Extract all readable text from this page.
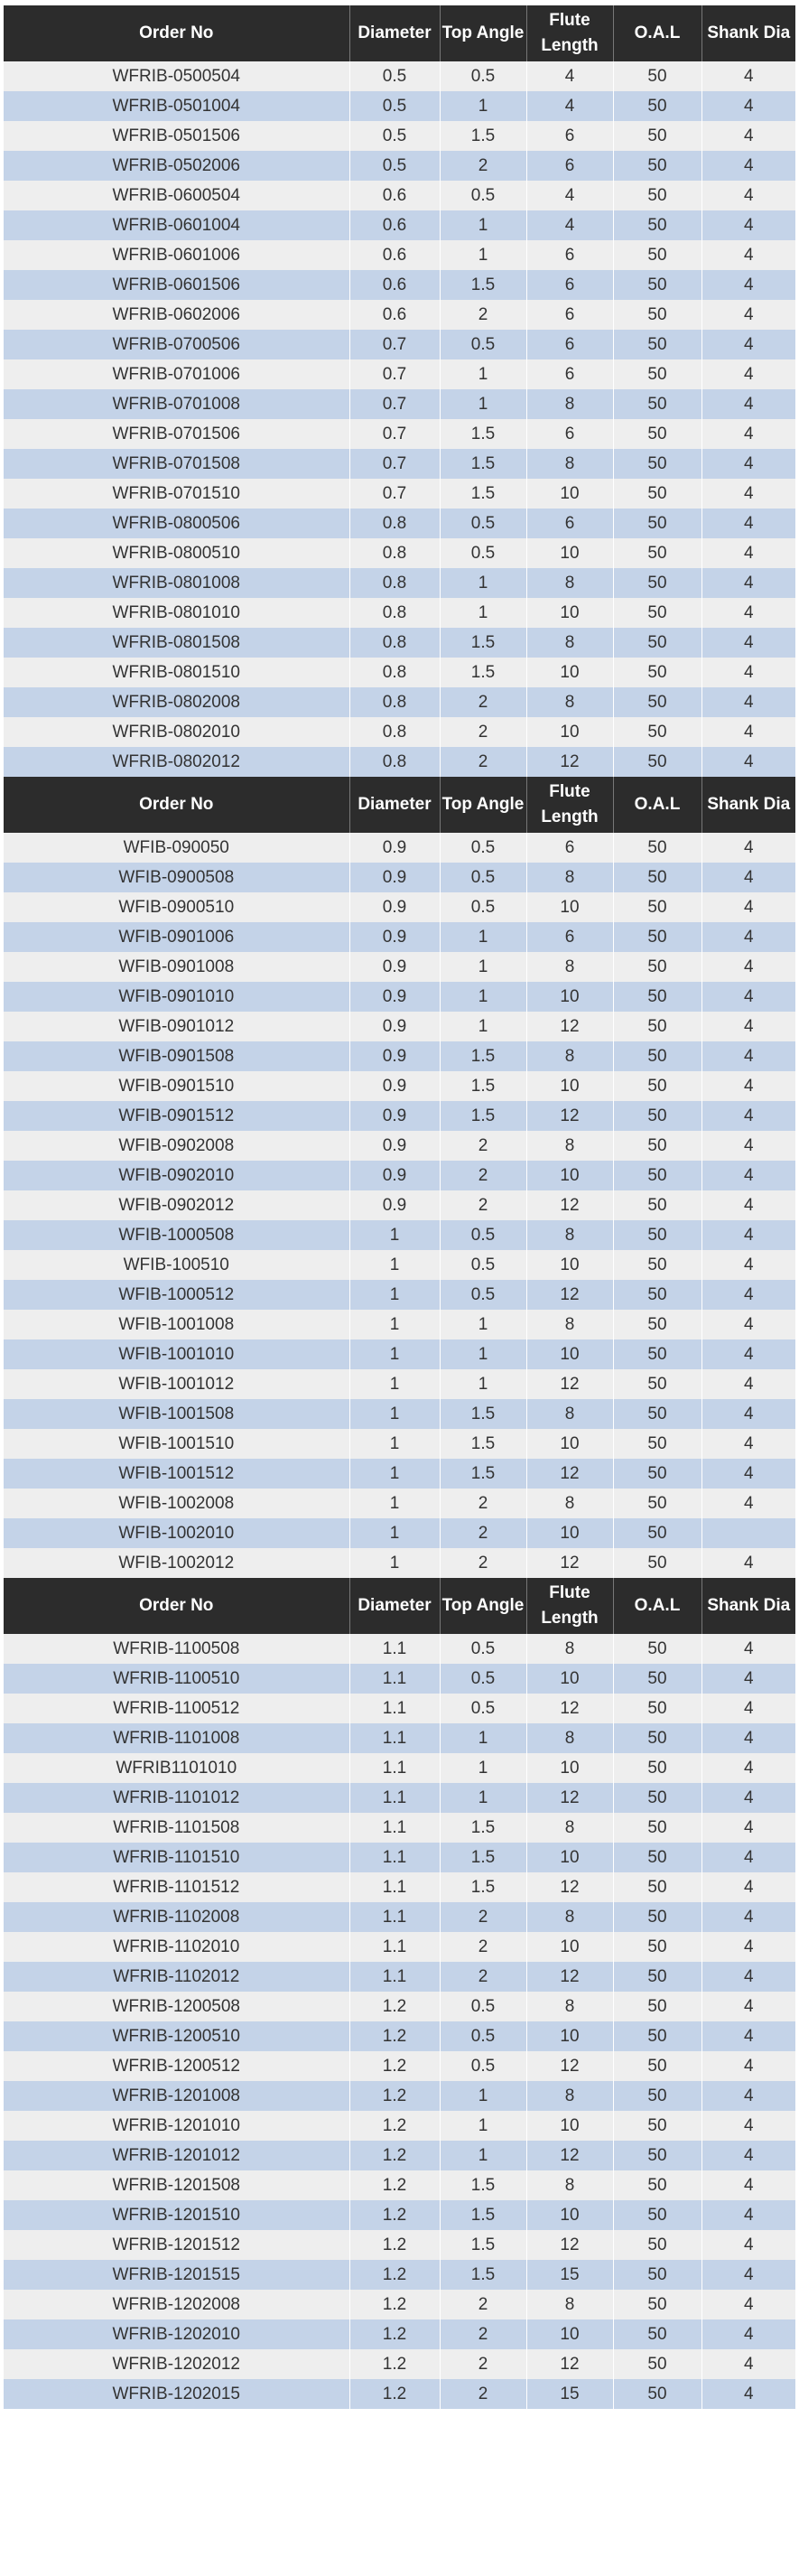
Order No	Diameter	Top Angle	Flute Length	O.A.L	Shank Dia
WFRIB-0500504	0.5	0.5	4	50	4
WFRIB-0501004	0.5	1	4	50	4
WFRIB-0501506	0.5	1.5	6	50	4
WFRIB-0502006	0.5	2	6	50	4
WFRIB-0600504	0.6	0.5	4	50	4
WFRIB-0601004	0.6	1	4	50	4
WFRIB-0601006	0.6	1	6	50	4
WFRIB-0601506	0.6	1.5	6	50	4
WFRIB-0602006	0.6	2	6	50	4
WFRIB-0700506	0.7	0.5	6	50	4
WFRIB-0701006	0.7	1	6	50	4
WFRIB-0701008	0.7	1	8	50	4
WFRIB-0701506	0.7	1.5	6	50	4
WFRIB-0701508	0.7	1.5	8	50	4
WFRIB-0701510	0.7	1.5	10	50	4
WFRIB-0800506	0.8	0.5	6	50	4
WFRIB-0800510	0.8	0.5	10	50	4
WFRIB-0801008	0.8	1	8	50	4
WFRIB-0801010	0.8	1	10	50	4
WFRIB-0801508	0.8	1.5	8	50	4
WFRIB-0801510	0.8	1.5	10	50	4
WFRIB-0802008	0.8	2	8	50	4
WFRIB-0802010	0.8	2	10	50	4
WFRIB-0802012	0.8	2	12	50	4
Order No	Diameter	Top Angle	Flute Length	O.A.L	Shank Dia
WFIB-090050	0.9	0.5	6	50	4
WFIB-0900508	0.9	0.5	8	50	4
WFIB-0900510	0.9	0.5	10	50	4
WFIB-0901006	0.9	1	6	50	4
WFIB-0901008	0.9	1	8	50	4
WFIB-0901010	0.9	1	10	50	4
WFIB-0901012	0.9	1	12	50	4
WFIB-0901508	0.9	1.5	8	50	4
WFIB-0901510	0.9	1.5	10	50	4
WFIB-0901512	0.9	1.5	12	50	4
WFIB-0902008	0.9	2	8	50	4
WFIB-0902010	0.9	2	10	50	4
WFIB-0902012	0.9	2	12	50	4
WFIB-1000508	1	0.5	8	50	4
WFIB-100510	1	0.5	10	50	4
WFIB-1000512	1	0.5	12	50	4
WFIB-1001008	1	1	8	50	4
WFIB-1001010	1	1	10	50	4
WFIB-1001012	1	1	12	50	4
WFIB-1001508	1	1.5	8	50	4
WFIB-1001510	1	1.5	10	50	4
WFIB-1001512	1	1.5	12	50	4
WFIB-1002008	1	2	8	50	4
WFIB-1002010	1	2	10	50	
WFIB-1002012	1	2	12	50	4
Order No	Diameter	Top Angle	Flute Length	O.A.L	Shank Dia
WFRIB-1100508	1.1	0.5	8	50	4
WFRIB-1100510	1.1	0.5	10	50	4
WFRIB-1100512	1.1	0.5	12	50	4
WFRIB-1101008	1.1	1	8	50	4
WFRIB1101010	1.1	1	10	50	4
WFRIB-1101012	1.1	1	12	50	4
WFRIB-1101508	1.1	1.5	8	50	4
WFRIB-1101510	1.1	1.5	10	50	4
WFRIB-1101512	1.1	1.5	12	50	4
WFRIB-1102008	1.1	2	8	50	4
WFRIB-1102010	1.1	2	10	50	4
WFRIB-1102012	1.1	2	12	50	4
WFRIB-1200508	1.2	0.5	8	50	4
WFRIB-1200510	1.2	0.5	10	50	4
WFRIB-1200512	1.2	0.5	12	50	4
WFRIB-1201008	1.2	1	8	50	4
WFRIB-1201010	1.2	1	10	50	4
WFRIB-1201012	1.2	1	12	50	4
WFRIB-1201508	1.2	1.5	8	50	4
WFRIB-1201510	1.2	1.5	10	50	4
WFRIB-1201512	1.2	1.5	12	50	4
WFRIB-1201515	1.2	1.5	15	50	4
WFRIB-1202008	1.2	2	8	50	4
WFRIB-1202010	1.2	2	10	50	4
WFRIB-1202012	1.2	2	12	50	4
WFRIB-1202015	1.2	2	15	50	4
